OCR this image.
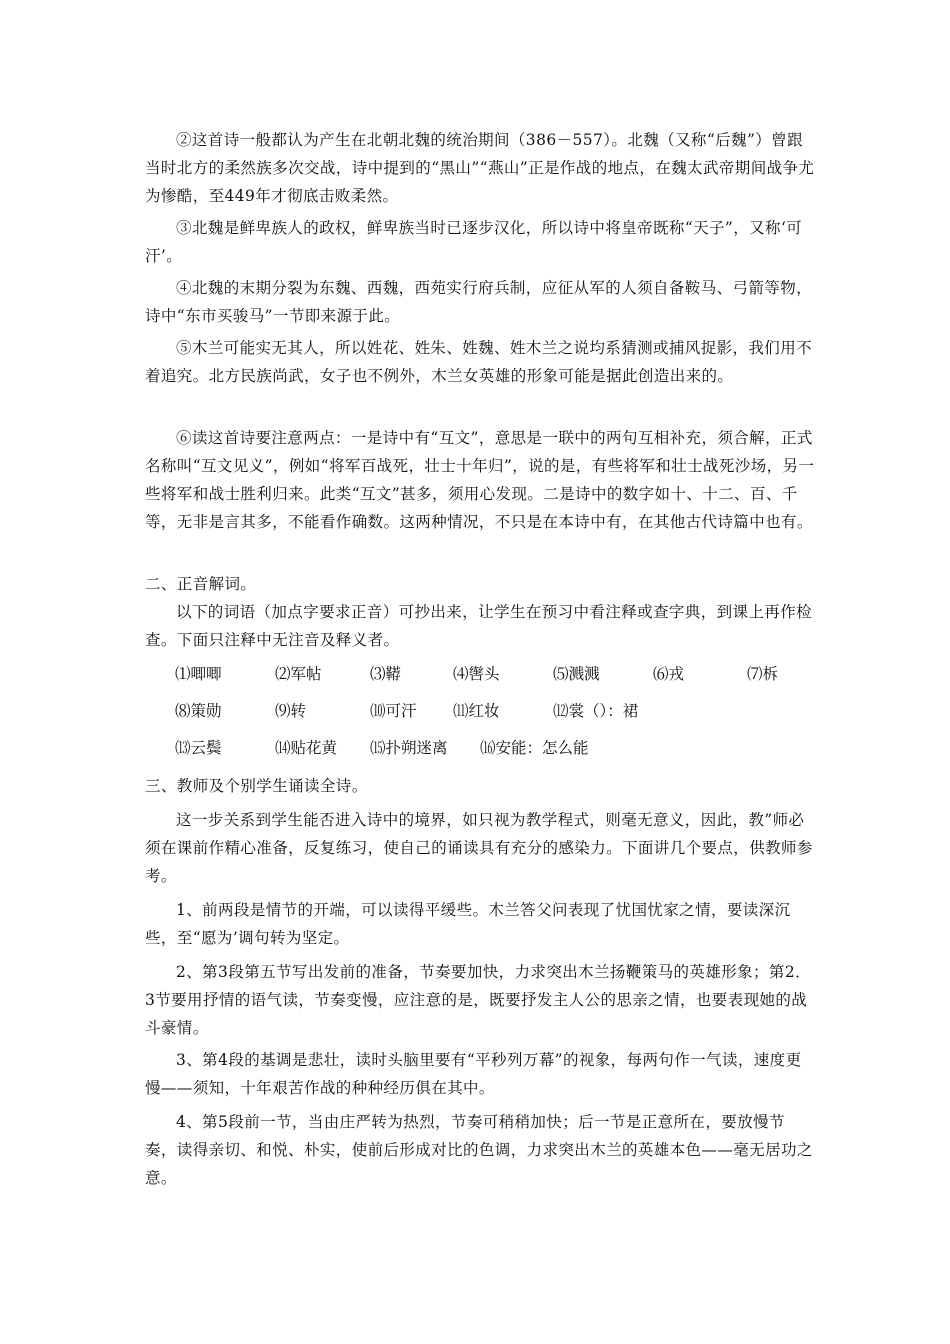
②这首诗一般都认为产生在北朝北魏的统治期间（386－557）。北魏（又称“后魏”）曾跟当时北方的柔然族多次交战，诗中提到的“黑山”“燕山”正是作战的地点，在魏太武帝期间战争尤为惨酷，至449年才彻底击败柔然。

③北魏是鲜卑族人的政权，鲜卑族当时已逐步汉化，所以诗中将皇帝既称“天子”，又称‘可汗’。

④北魏的末期分裂为东魏、西魏，西苑实行府兵制，应征从军的人须自备鞍马、弓箭等物，诗中“东市买骏马”一节即来源于此。

⑤木兰可能实无其人，所以姓花、姓朱、姓魏、姓木兰之说均系猜测或捕风捉影，我们用不着追究。北方民族尚武，女子也不例外，木兰女英雄的形象可能是据此创造出来的。

⑥读这首诗要注意两点：一是诗中有“互文”，意思是一联中的两句互相补充，须合解，正式名称叫“互文见义”，例如“将军百战死，壮士十年归”，说的是，有些将军和壮士战死沙场，另一些将军和战士胜利归来。此类“互文”甚多，须用心发现。二是诗中的数字如十、十二、百、千等，无非是言其多，不能看作确数。这两种情况，不只是在本诗中有，在其他古代诗篇中也有。

二、正音解词。

以下的词语（加点字要求正音）可抄出来，让学生在预习中看注释或查字典，到课上再作检查。下面只注释中无注音及释义者。

⑴唧唧	⑵军帖	⑶鞯	⑷辔头	⑸溅溅	⑹戎	⑺柝
⑻策勋	⑼转	⑽可汗 ⑾红妆	⑿裳（）：裙
⒀云鬓	⒁贴花黄 ⒂扑朔迷离 ⒃安能：怎么能

三、教师及个别学生诵读全诗。

这一步关系到学生能否进入诗中的境界，如只视为教学程式，则毫无意义，因此，教”师必须在课前作精心准备，反复练习，使自己的诵读具有充分的感染力。下面讲几个要点，供教师参考。

1、前两段是情节的开端，可以读得平缓些。木兰答父问表现了忧国忧家之情，要读深沉些，至“愿为’调句转为坚定。

2、第3段第五节写出发前的准备，节奏要加快，力求突出木兰扬鞭策马的英雄形象；第2．3节要用抒情的语气读，节奏变慢，应注意的是，既要抒发主人公的思亲之情，也要表现她的战斗豪情。

3、第4段的基调是悲壮，读时头脑里要有“平秒列万幕”的视象，每两句作一气读，速度更慢——须知，十年艰苦作战的种种经历俱在其中。

4、第5段前一节，当由庄严转为热烈，节奏可稍稍加快；后一节是正意所在，要放慢节奏，读得亲切、和悦、朴实，使前后形成对比的色调，力求突出木兰的英雄本色——毫无居功之意。
